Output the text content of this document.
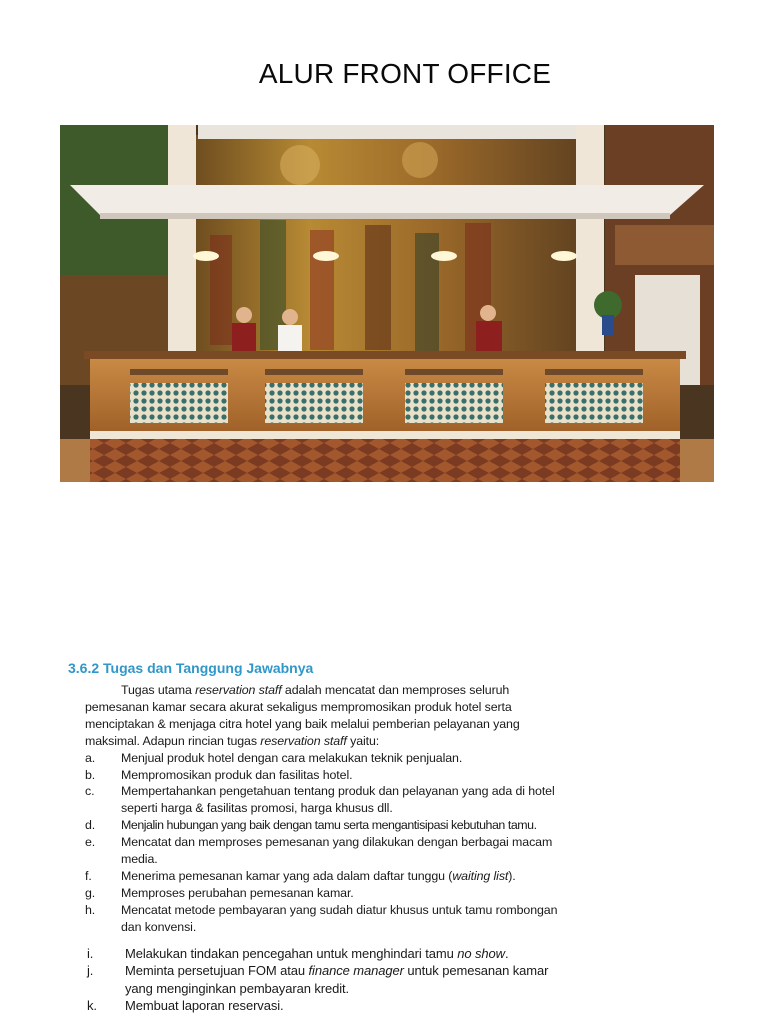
ALUR FRONT OFFICE
3.6.2 Tugas dan Tanggung Jawabnya
Tugas utama reservation staff adalah mencatat dan memproses seluruh pemesanan kamar secara akurat sekaligus mempromosikan produk hotel serta menciptakan & menjaga citra hotel yang baik melalui pemberian pelayanan yang maksimal. Adapun rincian tugas reservation staff yaitu:
a. Menjual produk hotel dengan cara melakukan teknik penjualan.
b. Mempromosikan produk dan fasilitas hotel.
c. Mempertahankan pengetahuan tentang produk dan pelayanan yang ada di hotel seperti harga & fasilitas promosi, harga khusus dll.
d. Menjalin hubungan yang baik dengan tamu serta mengantisipasi kebutuhan tamu.
e. Mencatat dan memproses pemesanan yang dilakukan dengan berbagai macam media.
f. Menerima pemesanan kamar yang ada dalam daftar tunggu (waiting list).
g. Memproses perubahan pemesanan kamar.
h. Mencatat metode pembayaran yang sudah diatur khusus untuk tamu rombongan dan konvensi.
i. Melakukan tindakan pencegahan untuk menghindari tamu no show.
j. Meminta persetujuan FOM atau finance manager untuk pemesanan kamar yang menginginkan pembayaran kredit.
k. Membuat laporan reservasi.
